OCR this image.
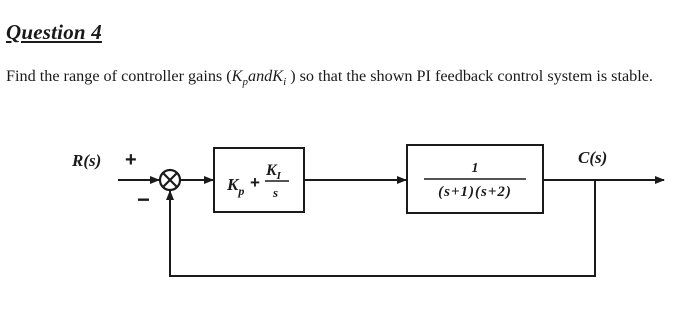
Question 4
Find the range of controller gains ($K_pandK_i$ ) so that the shown PI feedback control system is stable.
R(s) +
−
$K_p$ +
$K_I$
s
1
(s+1)(s+2)
C(s)
